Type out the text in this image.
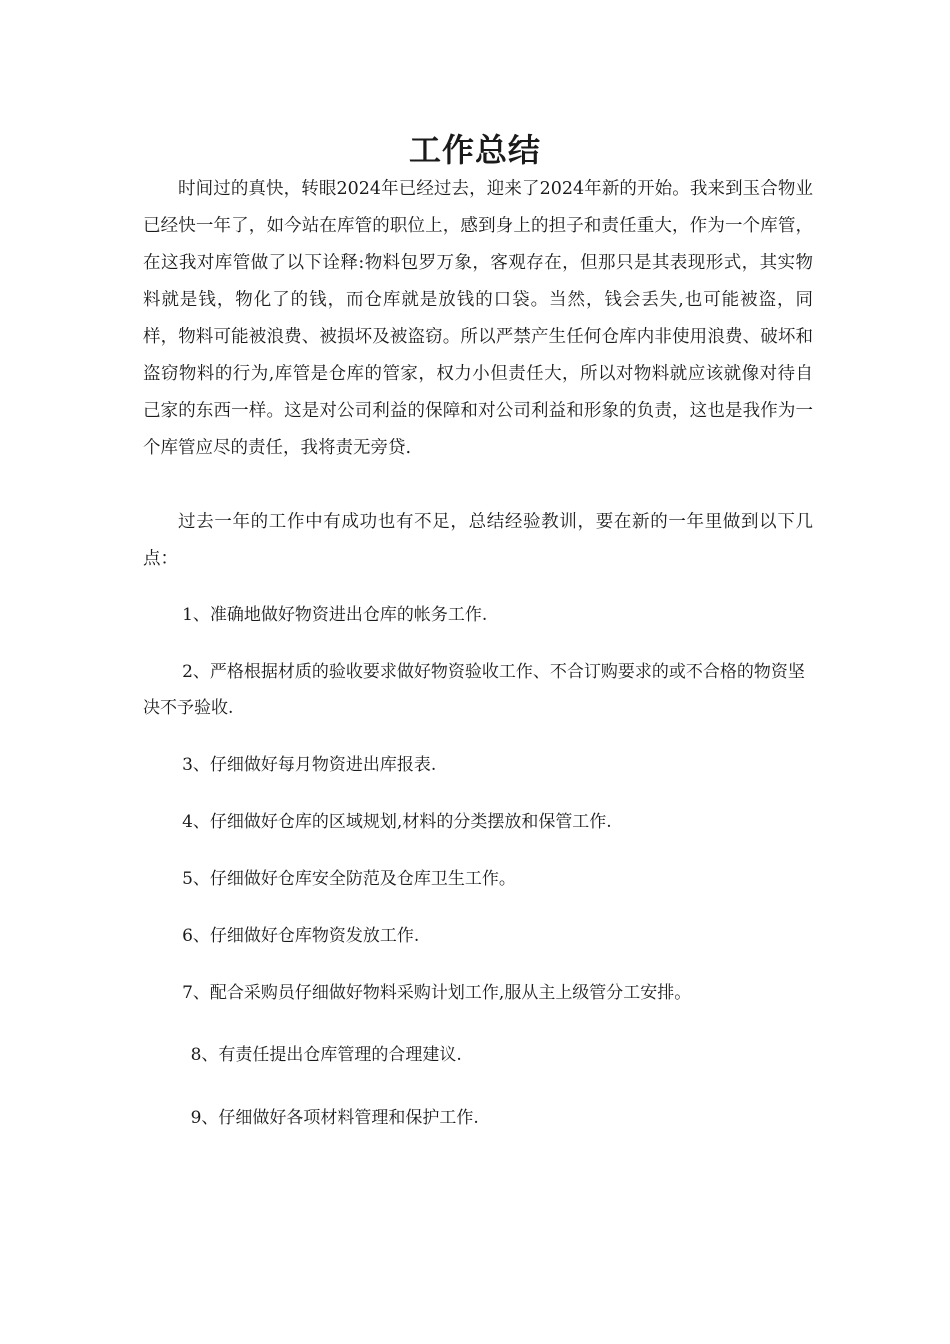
工作总结

时间过的真快，转眼2024年已经过去，迎来了2024年新的开始。我来到玉合物业已经快一年了，如今站在库管的职位上，感到身上的担子和责任重大，作为一个库管，在这我对库管做了以下诠释:物料包罗万象，客观存在，但那只是其表现形式，其实物料就是钱，物化了的钱，而仓库就是放钱的口袋。当然，钱会丢失,也可能被盗，同样，物料可能被浪费、被损坏及被盗窃。所以严禁产生任何仓库内非使用浪费、破坏和盗窃物料的行为,库管是仓库的管家，权力小但责任大，所以对物料就应该就像对待自己家的东西一样。这是对公司利益的保障和对公司利益和形象的负责，这也是我作为一个库管应尽的责任，我将责无旁贷.

过去一年的工作中有成功也有不足，总结经验教训，要在新的一年里做到以下几点：

1、准确地做好物资进出仓库的帐务工作.

2、严格根据材质的验收要求做好物资验收工作、不合订购要求的或不合格的物资坚决不予验收.

3、仔细做好每月物资进出库报表.

4、仔细做好仓库的区域规划,材料的分类摆放和保管工作.

5、仔细做好仓库安全防范及仓库卫生工作。

6、仔细做好仓库物资发放工作.

7、配合采购员仔细做好物料采购计划工作,服从主上级管分工安排。

8、有责任提出仓库管理的合理建议.

9、仔细做好各项材料管理和保护工作.
